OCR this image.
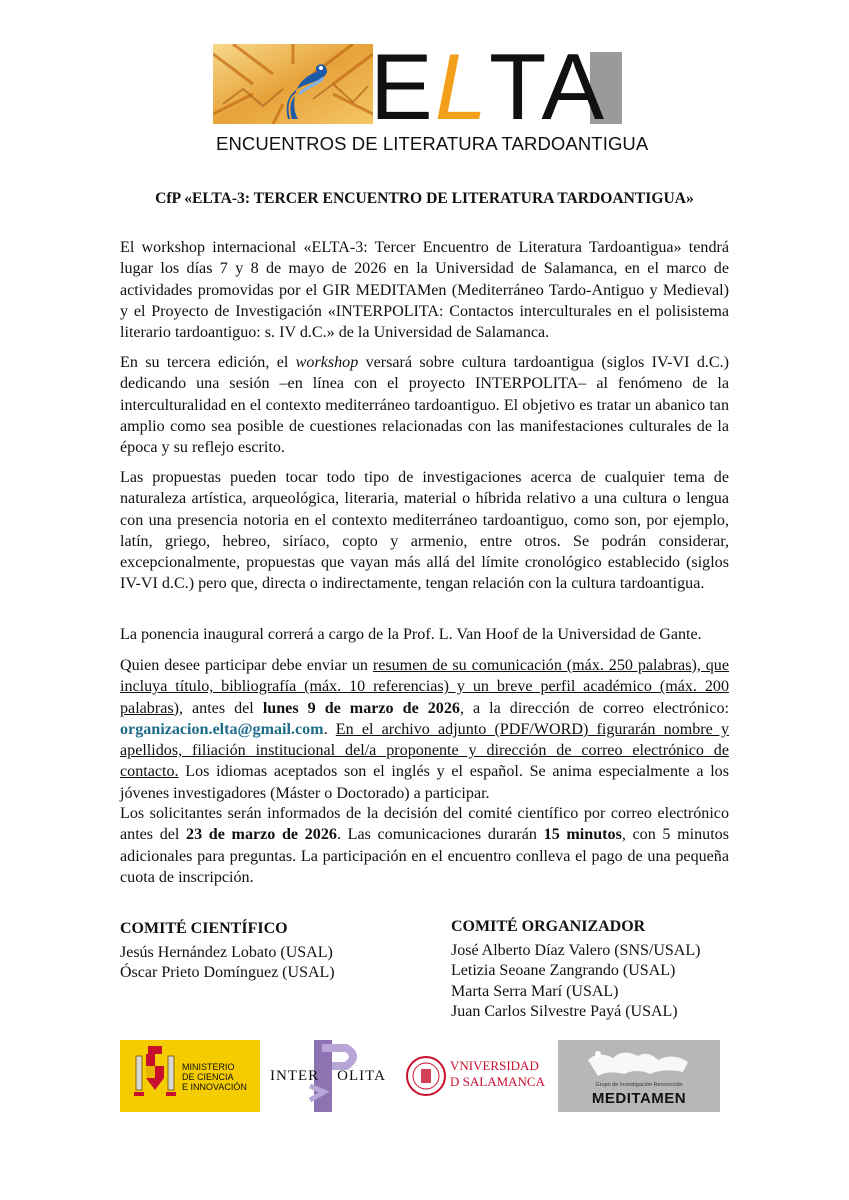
ELTA
ENCUENTROS DE LITERATURA TARDOANTIGUA
CfP «ELTA-3: TERCER ENCUENTRO DE LITERATURA TARDOANTIGUA»

El workshop internacional «ELTA-3: Tercer Encuentro de Literatura Tardoantigua» tendrá lugar los días 7 y 8 de mayo de 2026 en la Universidad de Salamanca, en el marco de actividades promovidas por el GIR MEDITAMen (Mediterráneo Tardo-Antiguo y Medieval) y el Proyecto de Investigación «INTERPOLITA: Contactos interculturales en el polisistema literario tardoantiguo: s. IV d.C.» de la Universidad de Salamanca.

En su tercera edición, el workshop versará sobre cultura tardoantigua (siglos IV-VI d.C.) dedicando una sesión –en línea con el proyecto INTERPOLITA– al fenómeno de la interculturalidad en el contexto mediterráneo tardoantiguo. El objetivo es tratar un abanico tan amplio como sea posible de cuestiones relacionadas con las manifestaciones culturales de la época y su reflejo escrito.

Las propuestas pueden tocar todo tipo de investigaciones acerca de cualquier tema de naturaleza artística, arqueológica, literaria, material o híbrida relativo a una cultura o lengua con una presencia notoria en el contexto mediterráneo tardoantiguo, como son, por ejemplo, latín, griego, hebreo, siríaco, copto y armenio, entre otros. Se podrán considerar, excepcionalmente, propuestas que vayan más allá del límite cronológico establecido (siglos IV-VI d.C.) pero que, directa o indirectamente, tengan relación con la cultura tardoantigua.

La ponencia inaugural correrá a cargo de la Prof. L. Van Hoof de la Universidad de Gante.

Quien desee participar debe enviar un resumen de su comunicación (máx. 250 palabras), que incluya título, bibliografía (máx. 10 referencias) y un breve perfil académico (máx. 200 palabras), antes del lunes 9 de marzo de 2026, a la dirección de correo electrónico: organizacion.elta@gmail.com. En el archivo adjunto (PDF/WORD) figurarán nombre y apellidos, filiación institucional del/a proponente y dirección de correo electrónico de contacto. Los idiomas aceptados son el inglés y el español. Se anima especialmente a los jóvenes investigadores (Máster o Doctorado) a participar.

Los solicitantes serán informados de la decisión del comité científico por correo electrónico antes del 23 de marzo de 2026. Las comunicaciones durarán 15 minutos, con 5 minutos adicionales para preguntas. La participación en el encuentro conlleva el pago de una pequeña cuota de inscripción.

COMITÉ CIENTÍFICO
Jesús Hernández Lobato (USAL)
Óscar Prieto Domínguez (USAL)
COMITÉ ORGANIZADOR
José Alberto Díaz Valero (SNS/USAL)
Letizia Seoane Zangrando (USAL)
Marta Serra Marí (USAL)
Juan Carlos Silvestre Payá (USAL)
MINISTERIO
DE CIENCIA
E INNOVACIÓN
INTER OLITA
VNIVERSIDAD
D SALAMANCA	Grupo de Investigación Reconocido
MEDITAMEN
